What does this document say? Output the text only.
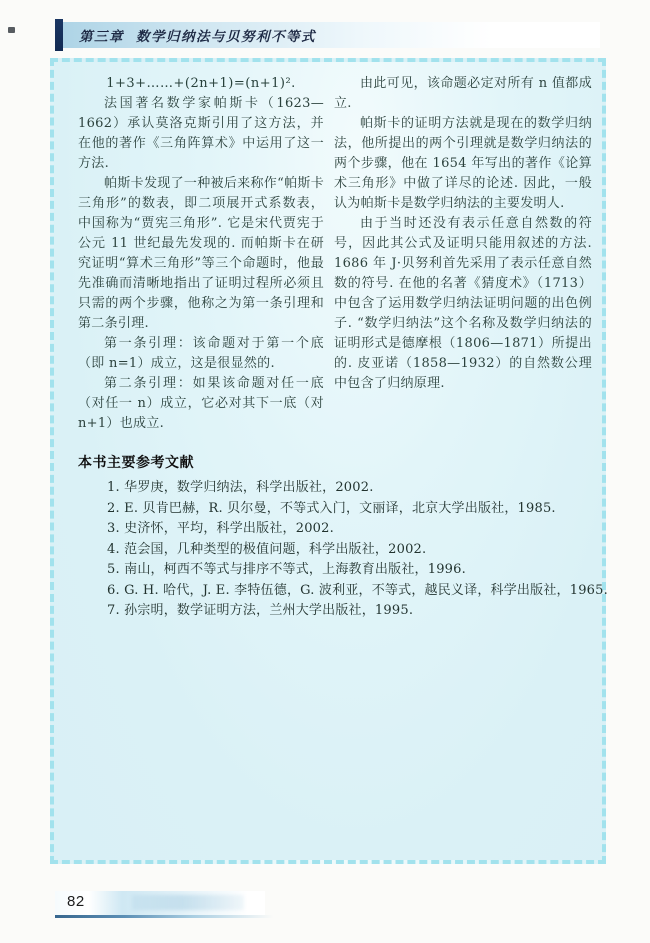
第三章 数学归纳法与贝努利不等式

1+3+……+(2n+1)=(n+1)².

法国著名数学家帕斯卡（1623—1662）承认莫洛克斯引用了这方法，并在他的著作《三角阵算术》中运用了这一方法.

帕斯卡发现了一种被后来称作“帕斯卡三角形”的数表，即二项展开式系数表，中国称为“贾宪三角形”. 它是宋代贾宪于公元 11 世纪最先发现的. 而帕斯卡在研究证明“算术三角形”等三个命题时，他最先准确而清晰地指出了证明过程所必须且只需的两个步骤，他称之为第一条引理和第二条引理.

第一条引理：该命题对于第一个底（即 n=1）成立，这是很显然的.

第二条引理：如果该命题对任一底（对任一 n）成立，它必对其下一底（对 n+1）也成立.

由此可见，该命题必定对所有 n 值都成立.

帕斯卡的证明方法就是现在的数学归纳法，他所提出的两个引理就是数学归纳法的两个步骤，他在 1654 年写出的著作《论算术三角形》中做了详尽的论述. 因此，一般认为帕斯卡是数学归纳法的主要发明人.

由于当时还没有表示任意自然数的符号，因此其公式及证明只能用叙述的方法. 1686 年 J·贝努利首先采用了表示任意自然数的符号. 在他的名著《猜度术》（1713）中包含了运用数学归纳法证明问题的出色例子. “数学归纳法”这个名称及数学归纳法的证明形式是德摩根（1806—1871）所提出的. 皮亚诺（1858—1932）的自然数公理中包含了归纳原理.

本书主要参考文献
1. 华罗庚，数学归纳法，科学出版社，2002.
2. E. 贝肯巴赫，R. 贝尔曼，不等式入门，文丽译，北京大学出版社，1985.
3. 史济怀，平均，科学出版社，2002.
4. 范会国，几种类型的极值问题，科学出版社，2002.
5. 南山，柯西不等式与排序不等式，上海教育出版社，1996.
6. G. H. 哈代，J. E. 李特伍德，G. 波利亚，不等式，越民义译，科学出版社，1965.
7. 孙宗明，数学证明方法，兰州大学出版社，1995.
82
